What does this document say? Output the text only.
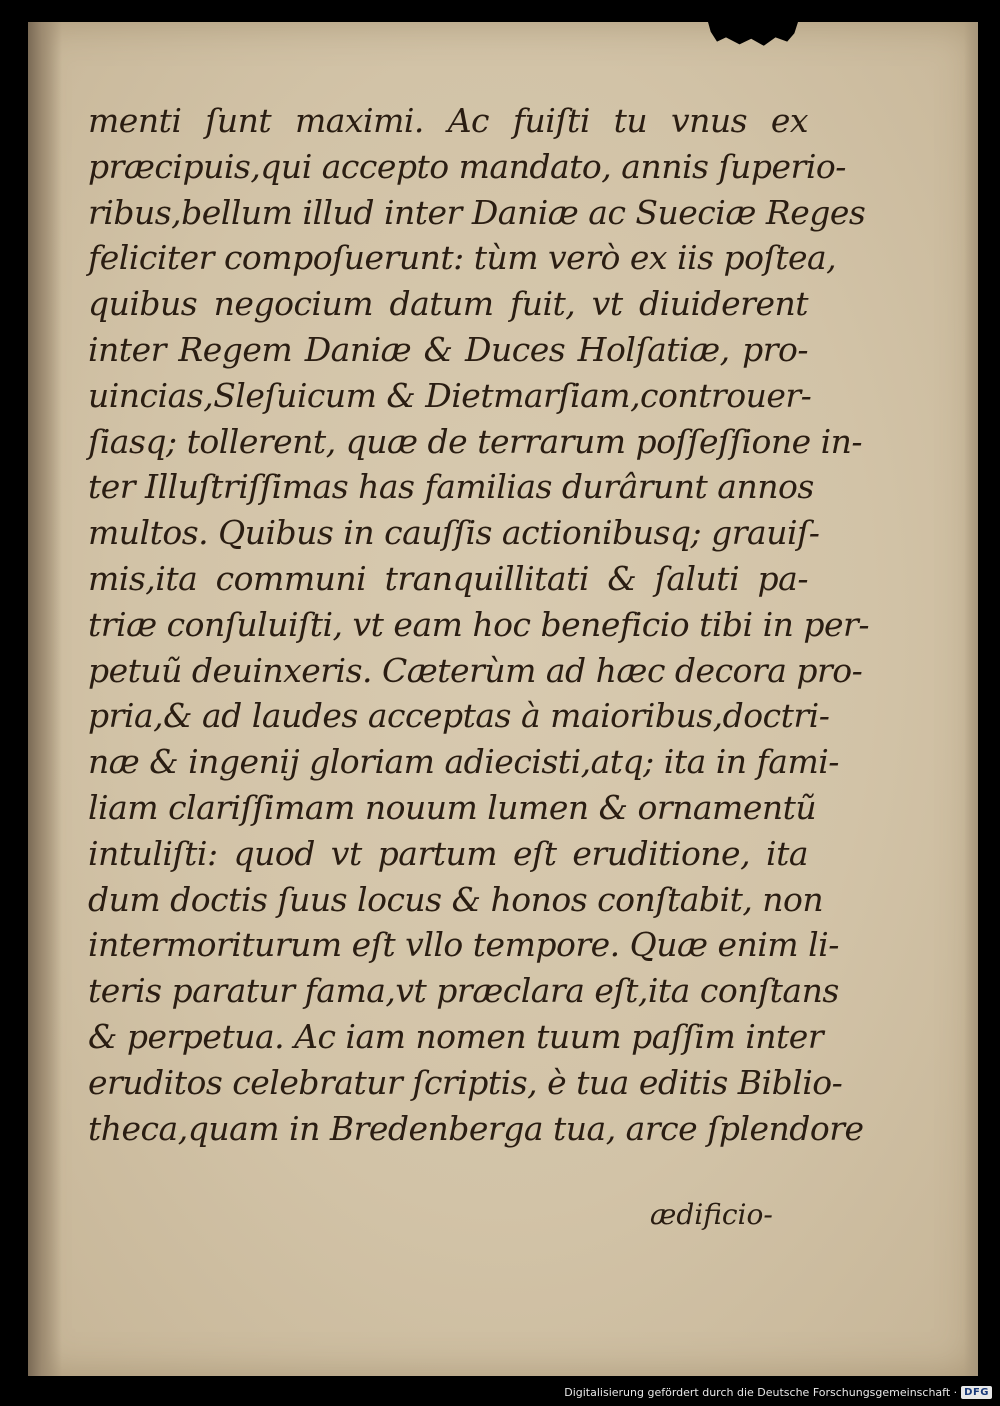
menti ſunt maximi. Ac fuiſti tu vnus ex
præcipuis,qui accepto mandato, annis ſuperio-
ribus,bellum illud inter Daniæ ac Sueciæ Reges
feliciter compoſuerunt: tùm verò ex iis poſtea,
quibus negocium datum fuit, vt diuiderent
inter Regem Daniæ & Duces Holſatiæ, pro-
uincias,Sleſuicum & Dietmarſiam,controuer-
ſiasq; tollerent, quæ de terrarum poſſeſſione in-
ter Illuſtriſſimas has familias durârunt annos
multos. Quibus in cauſſis actionibusq; grauiſ-
mis,ita communi tranquillitati & ſaluti pa-
triæ conſuluiſti, vt eam hoc beneficio tibi in per-
petuũ deuinxeris. Cæterùm ad hæc decora pro-
pria,& ad laudes acceptas à maioribus,doctri-
næ & ingenij gloriam adiecisti,atq; ita in fami-
liam clariſſimam nouum lumen & ornamentũ
intuliſti: quod vt partum eſt eruditione, ita
dum doctis ſuus locus & honos conſtabit, non
intermoriturum eſt vllo tempore. Quæ enim li-
teris paratur fama,vt præclara eſt,ita conſtans
& perpetua. Ac iam nomen tuum paſſim inter
eruditos celebratur ſcriptis, è tua editis Biblio-
theca,quam in Bredenberga tua, arce ſplendore
ædificio-
Digitalisierung gefördert durch die Deutsche Forschungsgemeinschaft · DFG
